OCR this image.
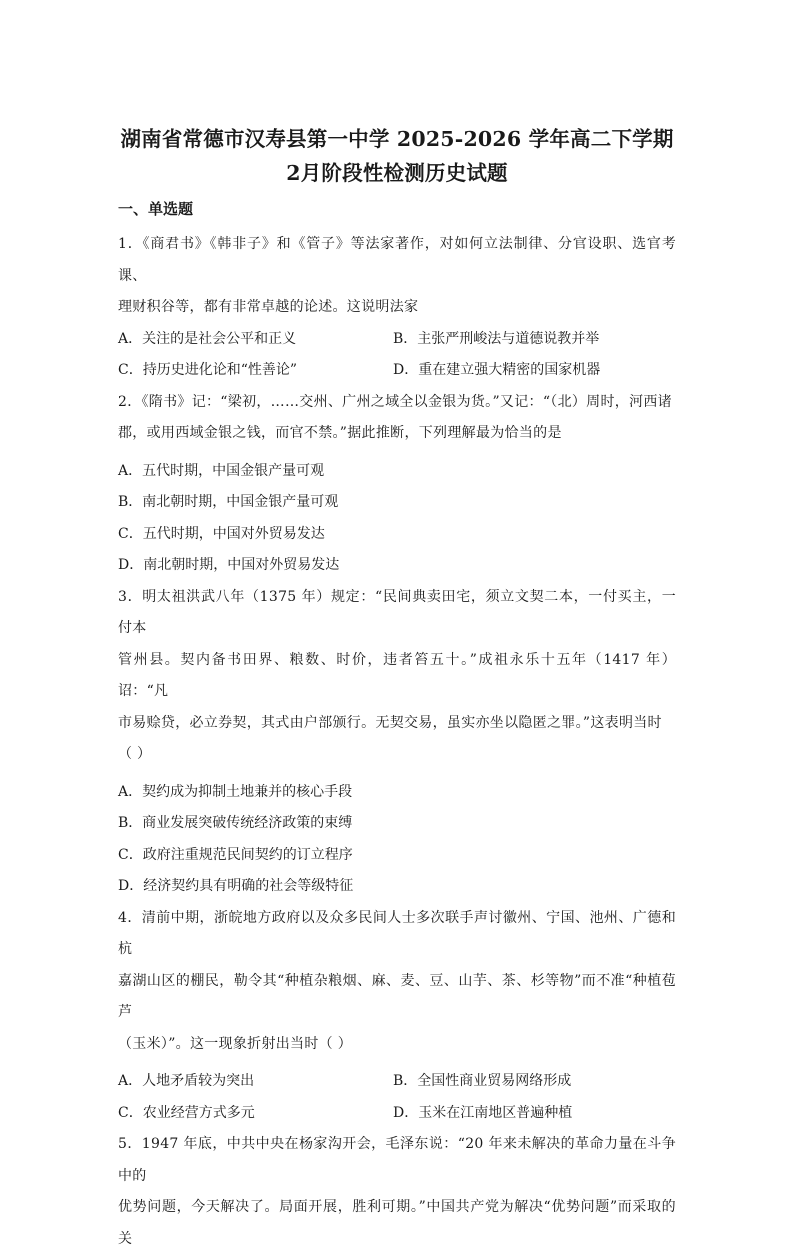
湖南省常德市汉寿县第一中学 2025-2026 学年高二下学期
2月阶段性检测历史试题
一、单选题

1．《商君书》《韩非子》和《管子》等法家著作，对如何立法制律、分官设职、选官考课、

理财积谷等，都有非常卓越的论述。这说明法家

A．关注的是社会公平和正义	B．主张严刑峻法与道德说教并举
C．持历史进化论和“性善论”	D．重在建立强大精密的国家机器

2．《隋书》记：“梁初，……交州、广州之域全以金银为货。”又记：“（北）周时，河西诸

郡，或用西域金银之钱，而官不禁。”据此推断，下列理解最为恰当的是

A．五代时期，中国金银产量可观
B．南北朝时期，中国金银产量可观
C．五代时期，中国对外贸易发达
D．南北朝时期，中国对外贸易发达

3．明太祖洪武八年（1375 年）规定：“民间典卖田宅，须立文契二本，一付买主，一付本

管州县。契内备书田界、粮数、时价，违者笞五十。”成祖永乐十五年（1417 年）诏：“凡

市易赊贷，必立券契，其式由户部颁行。无契交易，虽实亦坐以隐匿之罪。”这表明当时

（ ）

A．契约成为抑制土地兼并的核心手段
B．商业发展突破传统经济政策的束缚
C．政府注重规范民间契约的订立程序
D．经济契约具有明确的社会等级特征

4．清前中期，浙皖地方政府以及众多民间人士多次联手声讨徽州、宁国、池州、广德和杭

嘉湖山区的棚民，勒令其“种植杂粮烟、麻、麦、豆、山芋、茶、杉等物”而不准“种植苞芦

（玉米）”。这一现象折射出当时（ ）

A．人地矛盾较为突出	B．全国性商业贸易网络形成
C．农业经营方式多元	D．玉米在江南地区普遍种植

5．1947 年底，中共中央在杨家沟开会，毛泽东说：“20 年来未解决的革命力量在斗争中的

优势问题，今天解决了。局面开展，胜利可期。”中国共产党为解决“优势问题”而采取的关
